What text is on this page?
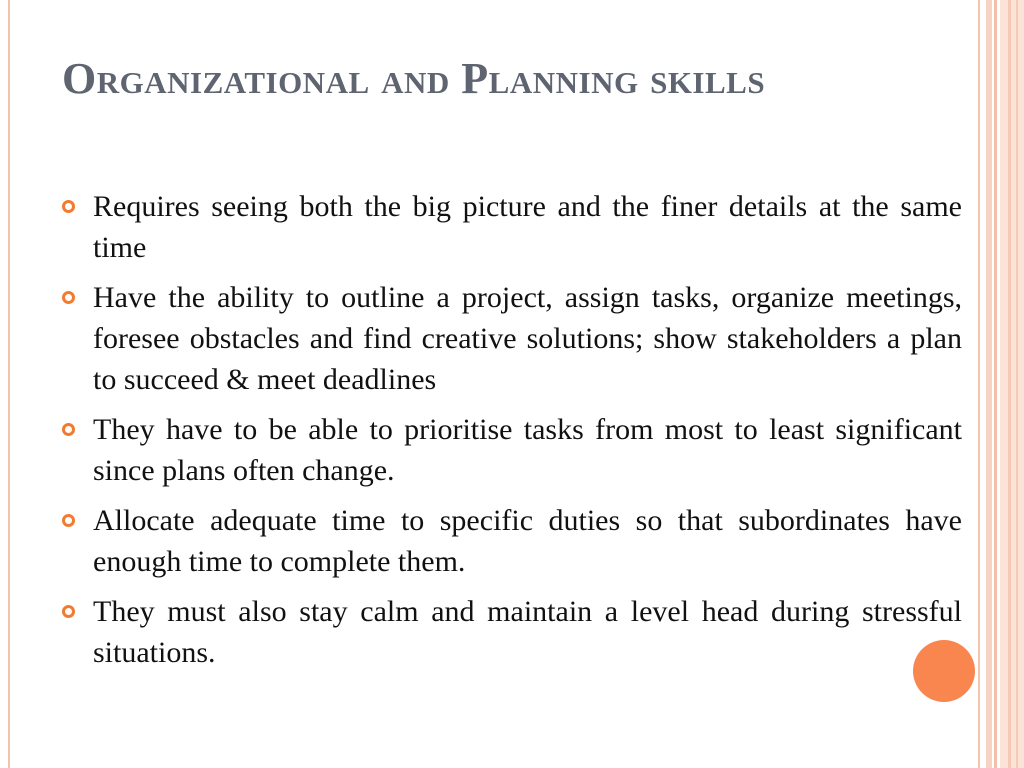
Organizational and Planning skills
Requires seeing both the big picture and the finer details at the same time
Have the ability to outline a project, assign tasks, organize meetings, foresee obstacles and find creative solutions; show stakeholders a plan to succeed & meet deadlines
They have to be able to prioritise tasks from most to least significant since plans often change.
Allocate adequate time to specific duties so that subordinates have enough time to complete them.
They must also stay calm and maintain a level head during stressful situations.
